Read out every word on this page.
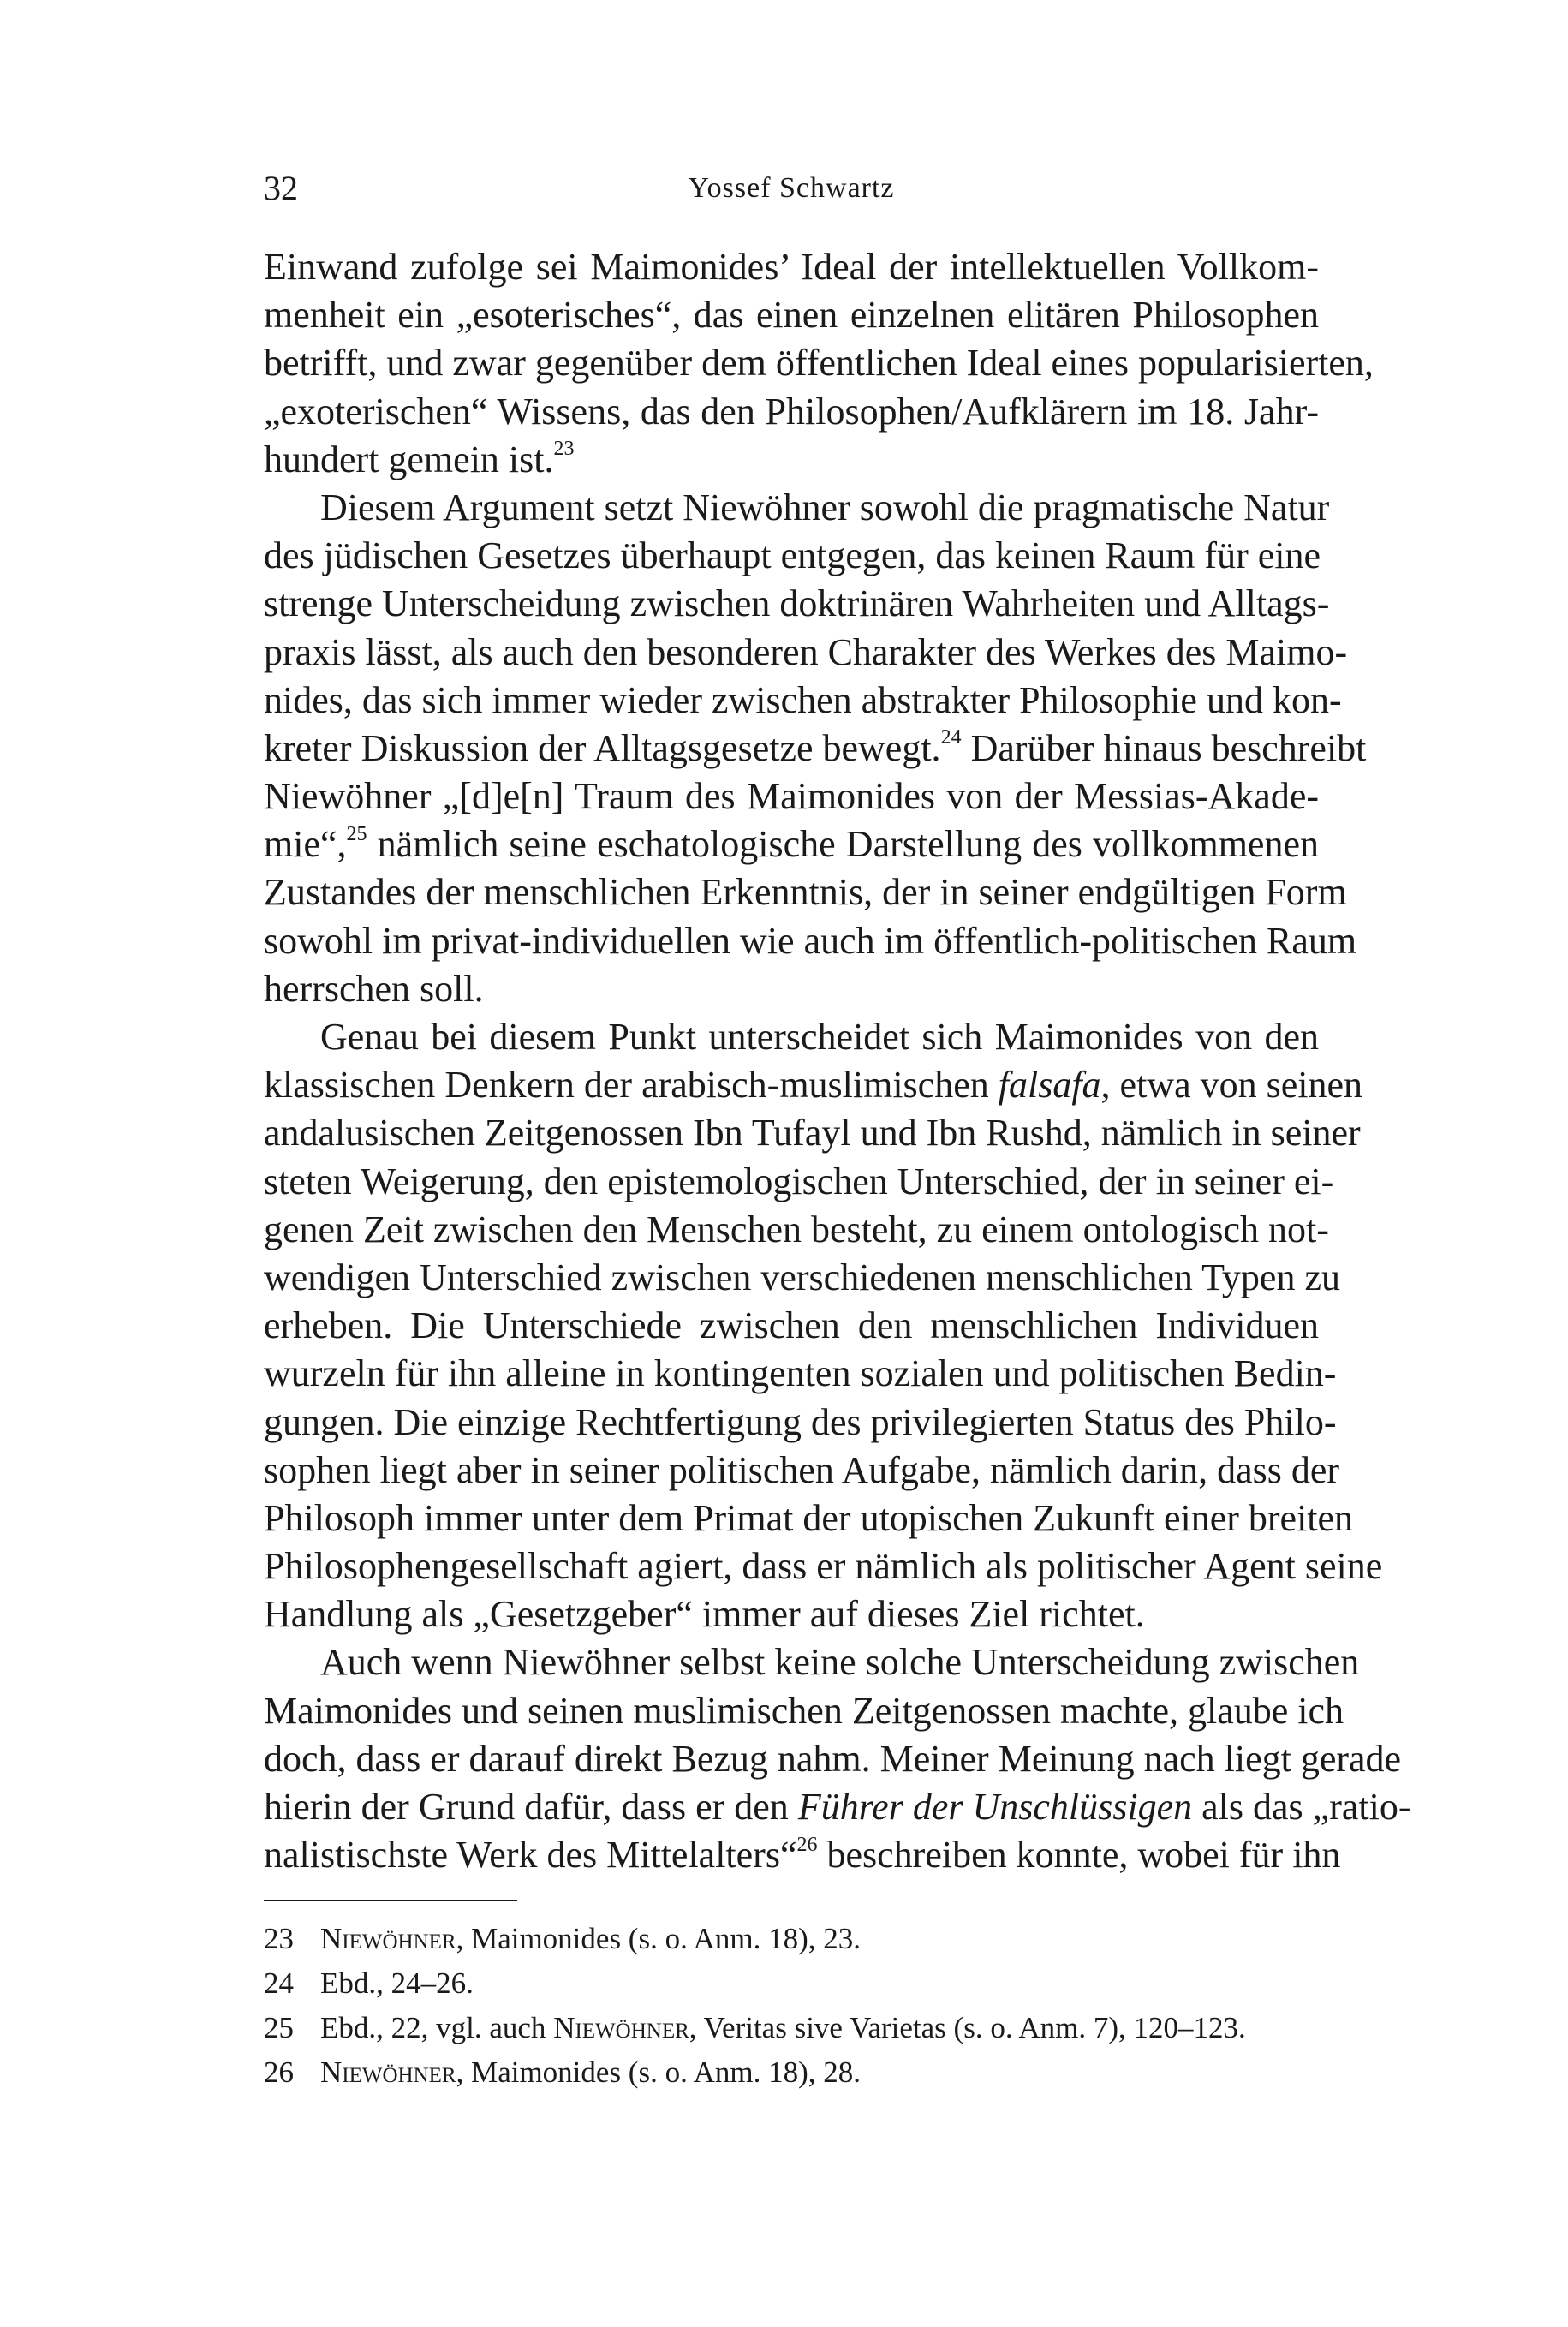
32	Yossef Schwartz
Einwand zufolge sei Maimonides’ Ideal der intellektuellen Vollkom-
menheit ein „esoterisches“, das einen einzelnen elitären Philosophen
betrifft, und zwar gegenüber dem öffentlichen Ideal eines popularisierten,
„exoterischen“ Wissens, das den Philosophen/Aufklärern im 18. Jahr-
hundert gemein ist.$^{23}$
Diesem Argument setzt Niewöhner sowohl die pragmatische Natur
des jüdischen Gesetzes überhaupt entgegen, das keinen Raum für eine
strenge Unterscheidung zwischen doktrinären Wahrheiten und Alltags-
praxis lässt, als auch den besonderen Charakter des Werkes des Maimo-
nides, das sich immer wieder zwischen abstrakter Philosophie und kon-
kreter Diskussion der Alltagsgesetze bewegt.$^{24}$ Darüber hinaus beschreibt
Niewöhner „[d]e[n] Traum des Maimonides von der Messias-Akade-
mie“,$^{25}$ nämlich seine eschatologische Darstellung des vollkommenen
Zustandes der menschlichen Erkenntnis, der in seiner endgültigen Form
sowohl im privat-individuellen wie auch im öffentlich-politischen Raum
herrschen soll.
Genau bei diesem Punkt unterscheidet sich Maimonides von den
klassischen Denkern der arabisch-muslimischen falsafa, etwa von seinen
andalusischen Zeitgenossen Ibn Tufayl und Ibn Rushd, nämlich in seiner
steten Weigerung, den epistemologischen Unterschied, der in seiner ei-
genen Zeit zwischen den Menschen besteht, zu einem ontologisch not-
wendigen Unterschied zwischen verschiedenen menschlichen Typen zu
erheben. Die Unterschiede zwischen den menschlichen Individuen
wurzeln für ihn alleine in kontingenten sozialen und politischen Bedin-
gungen. Die einzige Rechtfertigung des privilegierten Status des Philo-
sophen liegt aber in seiner politischen Aufgabe, nämlich darin, dass der
Philosoph immer unter dem Primat der utopischen Zukunft einer breiten
Philosophengesellschaft agiert, dass er nämlich als politischer Agent seine
Handlung als „Gesetzgeber“ immer auf dieses Ziel richtet.
Auch wenn Niewöhner selbst keine solche Unterscheidung zwischen
Maimonides und seinen muslimischen Zeitgenossen machte, glaube ich
doch, dass er darauf direkt Bezug nahm. Meiner Meinung nach liegt gerade
hierin der Grund dafür, dass er den Führer der Unschlüssigen als das „ratio-
nalistischste Werk des Mittelalters“$^{26}$ beschreiben konnte, wobei für ihn
23 Niewöhner, Maimonides (s. o. Anm. 18), 23.
24 Ebd., 24–26.
25 Ebd., 22, vgl. auch Niewöhner, Veritas sive Varietas (s. o. Anm. 7), 120–123.
26 Niewöhner, Maimonides (s. o. Anm. 18), 28.
